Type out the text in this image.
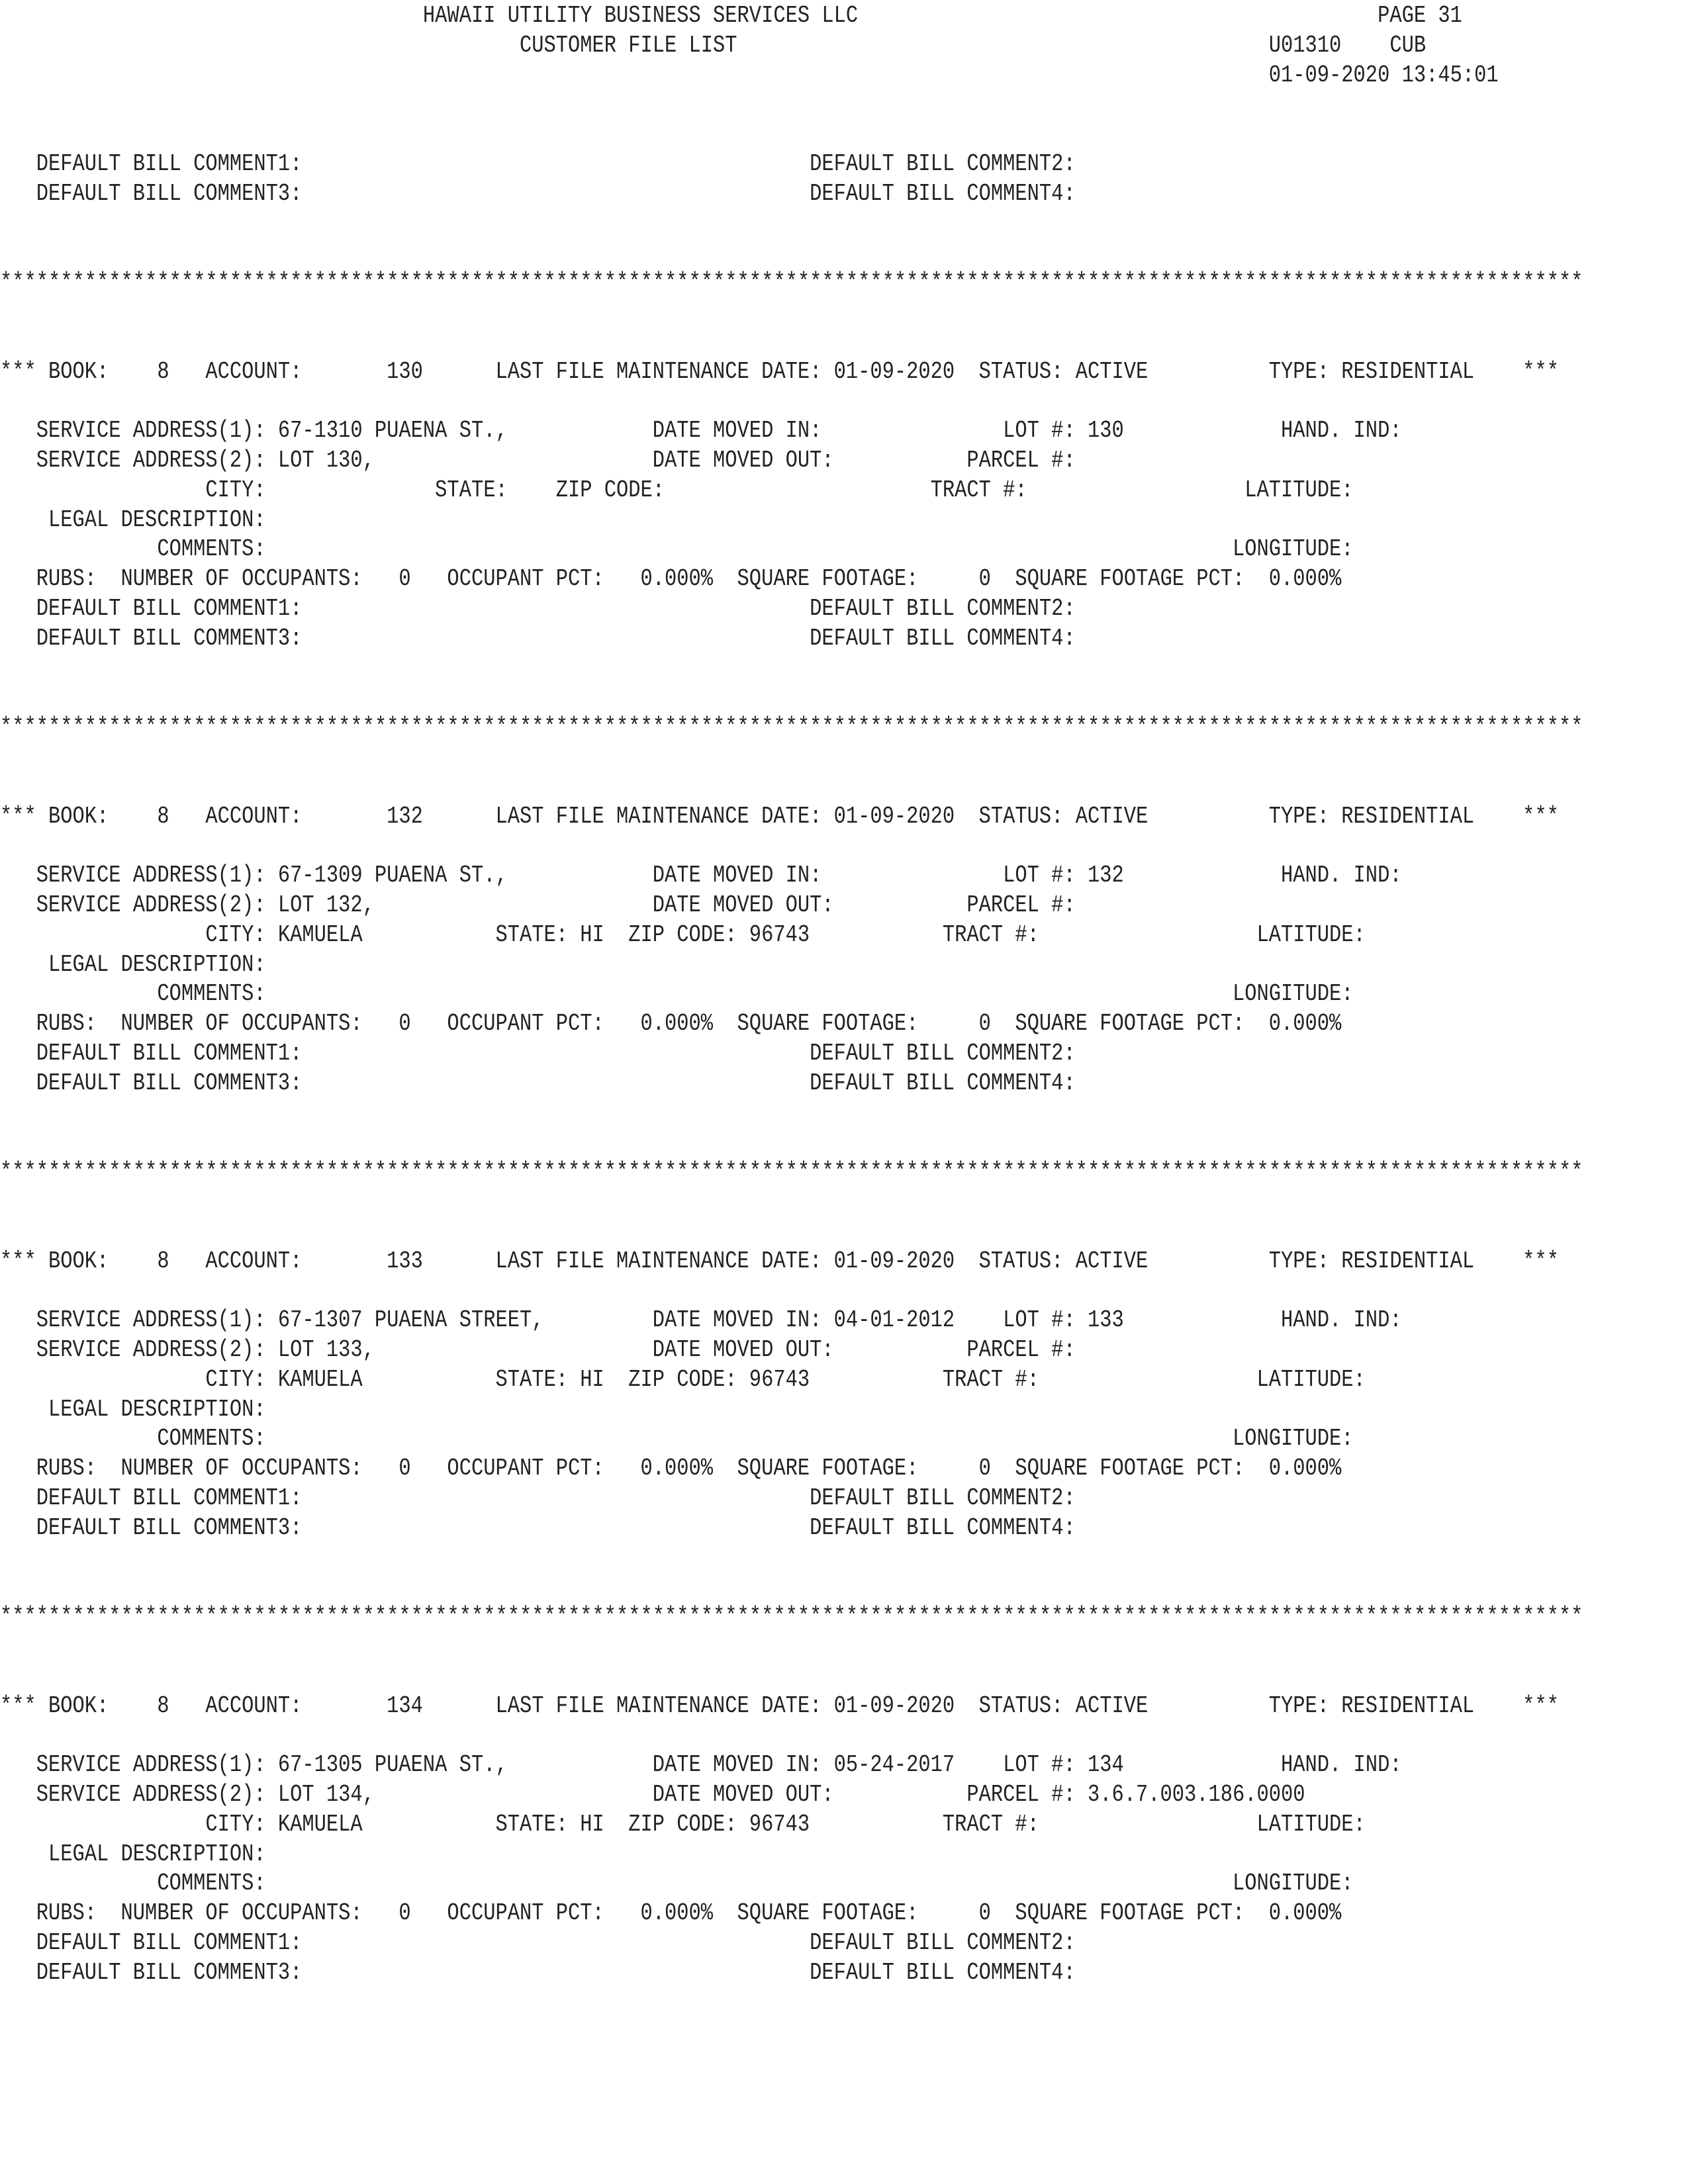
HAWAII UTILITY BUSINESS SERVICES LLC                                           PAGE 31
CUSTOMER FILE LIST                                            U01310    CUB
01-09-2020 13:45:01
DEFAULT BILL COMMENT1:                                          DEFAULT BILL COMMENT2:
DEFAULT BILL COMMENT3:                                          DEFAULT BILL COMMENT4:
***********************************************************************************************************************************
*** BOOK:    8   ACCOUNT:       130      LAST FILE MAINTENANCE DATE: 01-09-2020  STATUS: ACTIVE          TYPE: RESIDENTIAL    ***
SERVICE ADDRESS(1): 67-1310 PUAENA ST.,            DATE MOVED IN:               LOT #: 130             HAND. IND:
SERVICE ADDRESS(2): LOT 130,                       DATE MOVED OUT:           PARCEL #:
CITY:              STATE:    ZIP CODE:                      TRACT #:                  LATITUDE:
LEGAL DESCRIPTION:
COMMENTS:                                                                                LONGITUDE:
RUBS:  NUMBER OF OCCUPANTS:   0   OCCUPANT PCT:   0.000%  SQUARE FOOTAGE:     0  SQUARE FOOTAGE PCT:  0.000%
DEFAULT BILL COMMENT1:                                          DEFAULT BILL COMMENT2:
DEFAULT BILL COMMENT3:                                          DEFAULT BILL COMMENT4:
***********************************************************************************************************************************
*** BOOK:    8   ACCOUNT:       132      LAST FILE MAINTENANCE DATE: 01-09-2020  STATUS: ACTIVE          TYPE: RESIDENTIAL    ***
SERVICE ADDRESS(1): 67-1309 PUAENA ST.,            DATE MOVED IN:               LOT #: 132             HAND. IND:
SERVICE ADDRESS(2): LOT 132,                       DATE MOVED OUT:           PARCEL #:
CITY: KAMUELA           STATE: HI  ZIP CODE: 96743           TRACT #:                  LATITUDE:
LEGAL DESCRIPTION:
COMMENTS:                                                                                LONGITUDE:
RUBS:  NUMBER OF OCCUPANTS:   0   OCCUPANT PCT:   0.000%  SQUARE FOOTAGE:     0  SQUARE FOOTAGE PCT:  0.000%
DEFAULT BILL COMMENT1:                                          DEFAULT BILL COMMENT2:
DEFAULT BILL COMMENT3:                                          DEFAULT BILL COMMENT4:
***********************************************************************************************************************************
*** BOOK:    8   ACCOUNT:       133      LAST FILE MAINTENANCE DATE: 01-09-2020  STATUS: ACTIVE          TYPE: RESIDENTIAL    ***
SERVICE ADDRESS(1): 67-1307 PUAENA STREET,         DATE MOVED IN: 04-01-2012    LOT #: 133             HAND. IND:
SERVICE ADDRESS(2): LOT 133,                       DATE MOVED OUT:           PARCEL #:
CITY: KAMUELA           STATE: HI  ZIP CODE: 96743           TRACT #:                  LATITUDE:
LEGAL DESCRIPTION:
COMMENTS:                                                                                LONGITUDE:
RUBS:  NUMBER OF OCCUPANTS:   0   OCCUPANT PCT:   0.000%  SQUARE FOOTAGE:     0  SQUARE FOOTAGE PCT:  0.000%
DEFAULT BILL COMMENT1:                                          DEFAULT BILL COMMENT2:
DEFAULT BILL COMMENT3:                                          DEFAULT BILL COMMENT4:
***********************************************************************************************************************************
*** BOOK:    8   ACCOUNT:       134      LAST FILE MAINTENANCE DATE: 01-09-2020  STATUS: ACTIVE          TYPE: RESIDENTIAL    ***
SERVICE ADDRESS(1): 67-1305 PUAENA ST.,            DATE MOVED IN: 05-24-2017    LOT #: 134             HAND. IND:
SERVICE ADDRESS(2): LOT 134,                       DATE MOVED OUT:           PARCEL #: 3.6.7.003.186.0000
CITY: KAMUELA           STATE: HI  ZIP CODE: 96743           TRACT #:                  LATITUDE:
LEGAL DESCRIPTION:
COMMENTS:                                                                                LONGITUDE:
RUBS:  NUMBER OF OCCUPANTS:   0   OCCUPANT PCT:   0.000%  SQUARE FOOTAGE:     0  SQUARE FOOTAGE PCT:  0.000%
DEFAULT BILL COMMENT1:                                          DEFAULT BILL COMMENT2:
DEFAULT BILL COMMENT3:                                          DEFAULT BILL COMMENT4:
